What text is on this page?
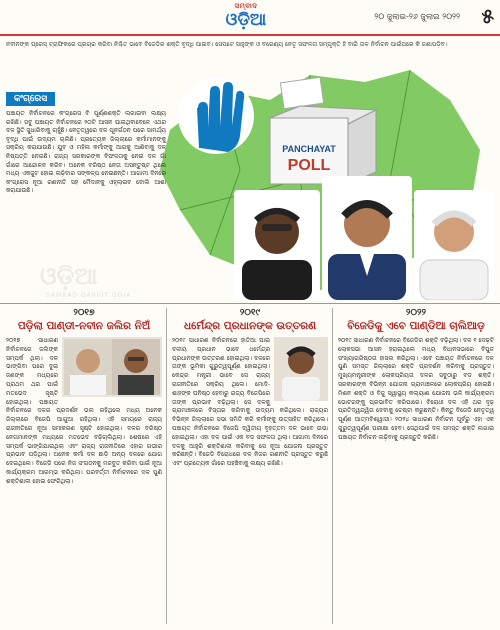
ସମ୍ବାଦ
ଓଡ଼ିଆ	୨୦ ଜୁଲାଇ-୨୬ ଜୁଲାଇ ୨୦୨୨ ୫
ନବୀନଙ୍କ ପ୍ରେସ୍ ଟ୍ରାଫିକରେ ପ୍ରଚାର କରିବା ନିଶ୍ଚିତ ଭାବେ ବିଜେଡିର ଶକ୍ତି ବୃଦ୍ଧି ପାଇବ। ସେପଟେ ସାହୁଙ୍କ ଓ ବରେଣ୍ୟ ନେତୃ ସଫଳତା ସମ୍ପୃକ୍ତି ହି ବାରି ତାଳ ନିର୍ବାଚନ ପାଇଁପରେ କି ଜଣାପଡ଼ିବ।
PANCHAYAT
POLL
କଂଗ୍ରେସ
ପଞ୍ଚାୟତ ନିର୍ବାଚନରେ କଂଗ୍ରେସ ବି ପୂର୍ଣ୍ଣଶକ୍ତି ଲଗାଇବା ଲକ୍ଷ୍ୟ ରଖିଛି। ସବୁ ପଞ୍ଚାୟତ ନିର୍ବାଚନରେ ୨୦ଟି ଆସନ ପାଇଥିବାବେଳେ ଏଥର ଦଳ ସ୍ଥିତି ସୁଧାରିବାକୁ ଚାହୁଁଛି। ନେତୃତ୍ୱରେ ଦଳ ପୂନର୍ଗଠନ ପରେ ସାମର୍ଥ୍ୟ ବୃଦ୍ଧି ପାଇଁ ଉଦ୍ୟମ ଚାଲିଛି। ପ୍ରତ୍ୟେକ ଜିଲ୍ଲାରେ କର୍ମୀମାନଙ୍କୁ ସକ୍ରିୟ କରାଯାଉଛି। ଯୁବ ଓ ମହିଳା କର୍ମୀଙ୍କୁ ଆଗକୁ ଆଣିବାକୁ ଦଳ ନିଷ୍ପତ୍ତି ନେଇଛି। ରାଜ୍ୟ ସରକାରଙ୍କ ବିଫଳତାକୁ ନେଇ ଦଳ ଗାଁ ଗାଁରେ ଆନ୍ଦୋଳନ କରିବ। ଅନେକ ବରିଷ୍ଠ ନେତା ଅସନ୍ତୁଷ୍ଟ ଥିଲେ ମଧ୍ୟ ଏକଜୁଟ ହୋଇ ଲଢ଼ିବାର ସଙ୍କଳ୍ପ ନେଇଛନ୍ତି। ଆଗାମୀ ଦିନରେ କଂଗ୍ରେସ ନୂଆ ରଣନୀତି ସହ ମୈଦାନକୁ ଓହ୍ଲାଇବ ବୋଲି ଆଶା କରାଯାଉଛି।
ଓଡ଼ିଆ
SAMBAD GARVIT ODIA
୨୦୧୭
ପଡ଼ିଲା ପାଣ୍ଡୀ-ନବୀନ ଜଲିର ନିଅଁ
୨୦୧୭ ସାଧାରଣ ନିର୍ବାଚନରେ ଜଲିଙ୍କ ସମ୍ପର୍କ ଥିଲା। ଦଳ ଭାଙ୍ଗିବା ପରେ ଦୁଇ ଜଣଙ୍କ ମଧ୍ୟରେ ପ୍ରଥମ ଥର ପାଇଁ ମତଭେଦ ସୃଷ୍ଟି ହୋଇଥିଲା। ପଞ୍ଚାୟତ ନିର୍ବାଚନରେ ଦଳର ପ୍ରଦର୍ଶନ ଭଲ ରହିଥିଲେ ମଧ୍ୟ ଅନେକ ଜିଲ୍ଲାରେ ବିଜେପି ଆଗୁଆ ରହିଥିଲା। ଏହି ସମୟରେ ରାଜ୍ୟ ରାଜନୀତିରେ ନୂଆ ସମୀକରଣ ସୃଷ୍ଟି ହୋଇଥିଲା। ଦଳର ବରିଷ୍ଠ ନେତାମାନଙ୍କ ମଧ୍ୟରେ ମତଭେଦ ବଢ଼ିଚାଲିଥିଲା। ଶେଷରେ ଏହି ସମ୍ପର୍କ ଭାଙ୍ଗିଯାଇଥିଲା ଏବଂ ରାଜ୍ୟ ରାଜନୀତିରେ ଏହାର ଗଭୀର ପ୍ରଭାବ ପଡ଼ିଥିଲା। ଅନେକ କର୍ମୀ ଦଳ ଛାଡ଼ି ଅନ୍ୟ ଦଳରେ ଯୋଗ ଦେଇଥିଲେ। ବିଜେଡି ପରେ ନିଜ ସଂଗଠନକୁ ମଜବୁତ କରିବା ପାଇଁ ନୂଆ କାର୍ଯ୍ୟକ୍ରମ ଆରମ୍ଭ କରିଥିଲା। ପରବର୍ତ୍ତୀ ନିର୍ବାଚନରେ ଦଳ ପୁଣି ଶକ୍ତିଶାଳୀ ହୋଇ ଫେରିଥିଲା।
୨୦୧୯
ଧର୍ମେନ୍ଦ୍ର ପ୍ରଧାନଙ୍କ ଉତ୍ତରଣ
୨୦୧୯ ସାଧାରଣ ନିର୍ବାଚନରେ ହାତିଆ ପାଇ ଦଳୀୟ ପ୍ରଧାନ ଭାବେ ଧର୍ମେନ୍ଦ୍ର ପ୍ରଧାନଙ୍କ ଉତ୍ତରଣ ହୋଇଥିଲା। ଦଳରେ ତାଙ୍କ ଭୂମିକା ଗୁରୁତ୍ୱପୂର୍ଣ୍ଣ ହୋଇଥିଲା। କେନ୍ଦ୍ର ମନ୍ତ୍ରୀ ଭାବେ ସେ ରାଜ୍ୟ ରାଜନୀତିରେ ସକ୍ରିୟ ଥିଲେ। ମୋଦି-ଶାହଙ୍କ ଘନିଷ୍ଠ ହେବାରୁ ରାଜ୍ୟ ବିଜେପିରେ ତାଙ୍କ ପ୍ରଭାବ ବଢ଼ିଥିଲା। ସେ ଦଳକୁ ଗ୍ରାମାଞ୍ଚଳରେ ବିସ୍ତାର କରିବାକୁ ଉଦ୍ୟମ କରିଥିଲେ। ରାଜ୍ୟର ବିଭିନ୍ନ ଜିଲ୍ଲାରେ ସଭା ସମିତି କରି କର୍ମୀଙ୍କୁ ଉତ୍ସାହିତ କରିଥିଲେ। ପଞ୍ଚାୟତ ନିର୍ବାଚନରେ ବିଜେପି ଦ୍ୱିତୀୟ ବୃହତ୍ତମ ଦଳ ଭାବେ ଉଭା ହୋଇଥିଲା। ଏହା ଦଳ ପାଇଁ ଏକ ବଡ଼ ସଫଳତା ଥିଲା। ଆଗାମୀ ଦିନରେ ଦଳକୁ ଆହୁରି ଶକ୍ତିଶାଳୀ କରିବାକୁ ସେ ନୂଆ ଯୋଜନା ପ୍ରସ୍ତୁତ କରିଛନ୍ତି। ବିଜେଡି ବିରୋଧରେ ଦଳ ନିଜର ରଣନୀତି ପ୍ରସ୍ତୁତ କରୁଛି ଏବଂ ପ୍ରତ୍ୟେକ ଗାଁରେ ପହଞ୍ଚିବାକୁ ଲକ୍ଷ୍ୟ ରଖିଛି।
୨୦୨୨
ବିଜେଡିକୁ ଏବେ ପାଣ୍ଡିଆ ଚାଲିଆଡ଼
୨୦୧୯ ସାଧାରଣ ନିର୍ବାଚନରେ ବିଜେଡିର ଶକ୍ତି ବଢ଼ିଥିଲା। ଦଳ ୧ ଦେଢ଼ଟି ଲୋକସଭା ଆସନ ହରାଇଥିଲେ ମଧ୍ୟ ବିଧାନସଭାରେ ବିପୁଳ ସଂଖ୍ୟାଗରିଷ୍ଠତା ହାସଲ କରିଥିଲା। ଏବେ ପଞ୍ଚାୟତ ନିର୍ବାଚନରେ ଦଳ ପୁଣି ସମସ୍ତ ଜିଲ୍ଲାରେ ଶକ୍ତି ପ୍ରଦର୍ଶନ କରିବାକୁ ପ୍ରସ୍ତୁତ। ମୁଖ୍ୟମନ୍ତ୍ରୀଙ୍କ ଲୋକପ୍ରିୟତା ଦଳର ସବୁଠାରୁ ବଡ଼ ଶକ୍ତି। ସରକାରଙ୍କ ବିଭିନ୍ନ ଯୋଜନା ଗ୍ରାମାଞ୍ଚଳରେ ଲୋକପ୍ରିୟ ହୋଇଛି। ମିଶନ ଶକ୍ତି ଓ ବିଜୁ ସ୍ୱାସ୍ଥ୍ୟ କଲ୍ୟାଣ ଯୋଜନା ଭଳି କାର୍ଯ୍ୟକ୍ରମ ଭୋଟରଙ୍କୁ ପ୍ରଭାବିତ କରିପାରେ। ବିରୋଧୀ ଦଳ ଏହି ଥର ଦୃଢ଼ ପ୍ରତିଦ୍ୱନ୍ଦ୍ୱିତା ଦେବାକୁ ଚେଷ୍ଟା କରୁଛନ୍ତି। କିନ୍ତୁ ବିଜେଡି ନେତୃତ୍ୱ ପୂର୍ଣ୍ଣ ଆତ୍ମବିଶ୍ୱାସୀ। ୨୦୨୪ ସାଧାରଣ ନିର୍ବାଚନ ପୂର୍ବରୁ ଏହା ଏକ ଗୁରୁତ୍ୱପୂର୍ଣ୍ଣ ପରୀକ୍ଷା ହେବ। ସେଥିପାଇଁ ଦଳ ସମସ୍ତ ଶକ୍ତି ଲଗାଇ ପଞ୍ଚାୟତ ନିର୍ବାଚନ ଲଢ଼ିବାକୁ ପ୍ରସ୍ତୁତି କରିଛି।
